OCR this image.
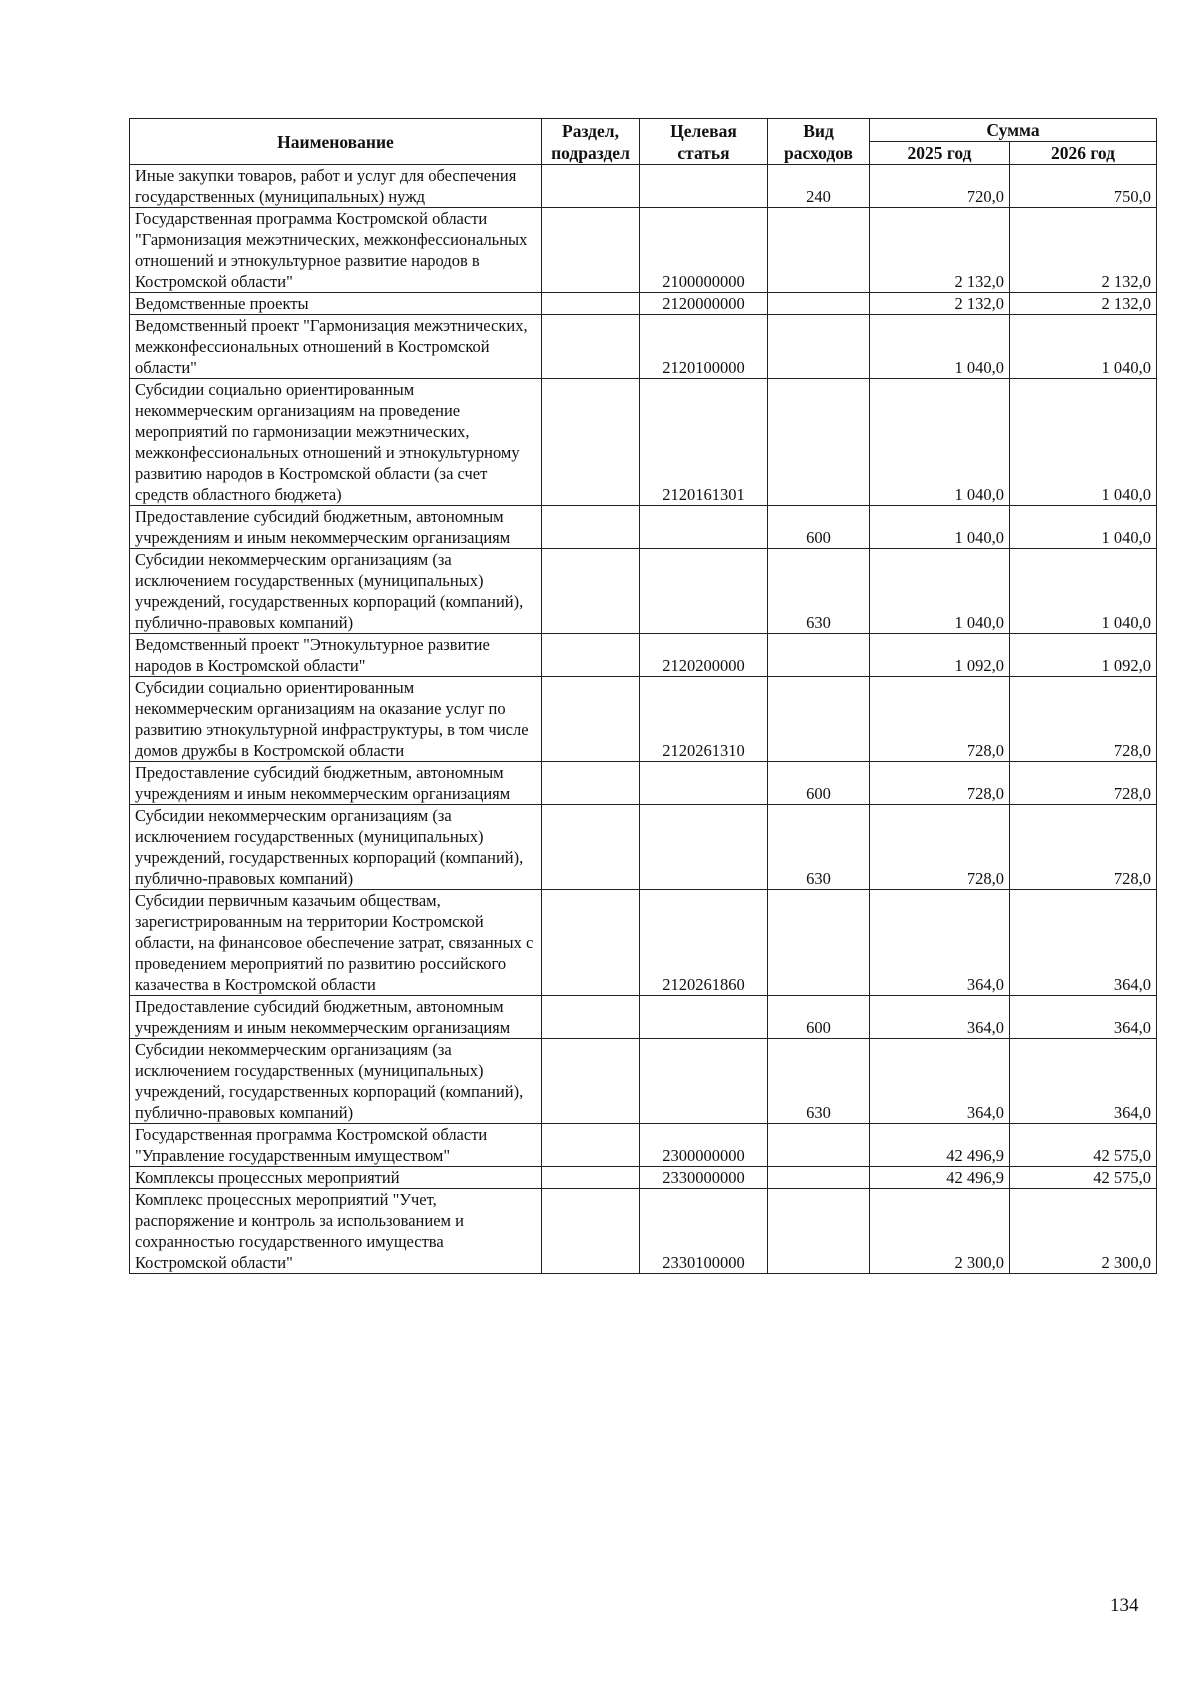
Наименование	Раздел, подраздел	Целевая статья	Вид расходов	Сумма	
				2025 год	2026 год
Иные закупки товаров, работ и услуг для обеспечения государственных (муниципальных) нужд			240	720,0	750,0
Государственная программа Костромской области "Гармонизация межэтнических, межконфессиональных отношений и этнокультурное развитие народов в Костромской области"		2100000000		2 132,0	2 132,0
Ведомственные проекты		2120000000		2 132,0	2 132,0
Ведомственный проект "Гармонизация межэтнических, межконфессиональных отношений в Костромской области"		2120100000		1 040,0	1 040,0
Субсидии социально ориентированным некоммерческим организациям на проведение мероприятий по гармонизации межэтнических, межконфессиональных отношений и этнокультурному развитию народов в Костромской области (за счет средств областного бюджета)		2120161301		1 040,0	1 040,0
Предоставление субсидий бюджетным, автономным учреждениям и иным некоммерческим организациям			600	1 040,0	1 040,0
Субсидии некоммерческим организациям (за исключением государственных (муниципальных) учреждений, государственных корпораций (компаний), публично-правовых компаний)			630	1 040,0	1 040,0
Ведомственный проект "Этнокультурное развитие народов в Костромской области"		2120200000		1 092,0	1 092,0
Субсидии социально ориентированным некоммерческим организациям на оказание услуг по развитию этнокультурной инфраструктуры, в том числе домов дружбы в Костромской области		2120261310		728,0	728,0
Предоставление субсидий бюджетным, автономным учреждениям и иным некоммерческим организациям			600	728,0	728,0
Субсидии некоммерческим организациям (за исключением государственных (муниципальных) учреждений, государственных корпораций (компаний), публично-правовых компаний)			630	728,0	728,0
Субсидии первичным казачьим обществам, зарегистрированным на территории Костромской области, на финансовое обеспечение затрат, связанных с проведением мероприятий по развитию российского казачества в Костромской области		2120261860		364,0	364,0
Предоставление субсидий бюджетным, автономным учреждениям и иным некоммерческим организациям			600	364,0	364,0
Субсидии некоммерческим организациям (за исключением государственных (муниципальных) учреждений, государственных корпораций (компаний), публично-правовых компаний)			630	364,0	364,0
Государственная программа Костромской области "Управление государственным имуществом"		2300000000		42 496,9	42 575,0
Комплексы процессных мероприятий		2330000000		42 496,9	42 575,0
Комплекс процессных мероприятий "Учет, распоряжение и контроль за использованием и сохранностью государственного имущества Костромской области"		2330100000		2 300,0	2 300,0
134
